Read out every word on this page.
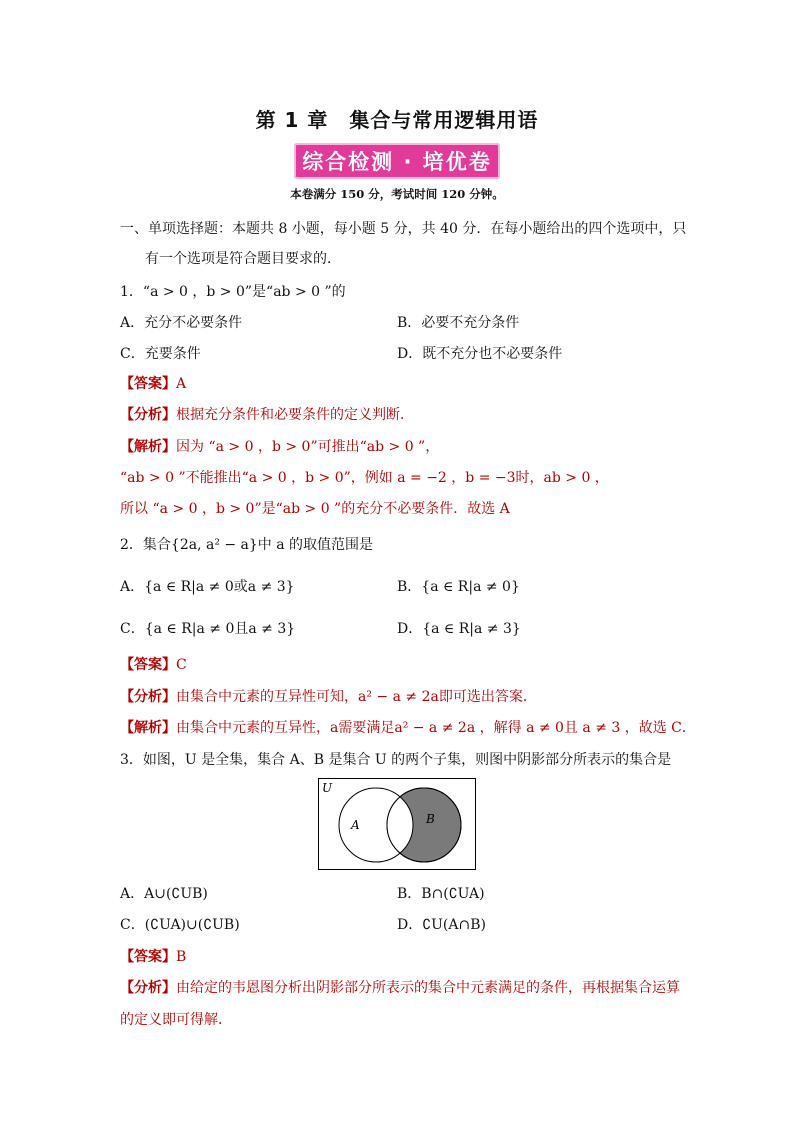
第 1 章　集合与常用逻辑用语
综合检测 · 培优卷
本卷满分 150 分，考试时间 120 分钟。
一、单项选择题：本题共 8 小题，每小题 5 分，共 40 分．在每小题给出的四个选项中，只
有一个选项是符合题目要求的．
1．“a > 0 ，b > 0”是“ab > 0 ”的
A．充分不必要条件	B．必要不充分条件
C．充要条件	D．既不充分也不必要条件
【答案】A
【分析】根据充分条件和必要条件的定义判断．
【解析】因为 “a > 0 ，b > 0”可推出“ab > 0 ”，
“ab > 0 ”不能推出“a > 0 ，b > 0”，例如 a = −2 ，b = −3时，ab > 0 ，
所以 “a > 0 ，b > 0”是“ab > 0 ”的充分不必要条件．故选 A
2．集合{2a, a² − a}中 a 的取值范围是
A．{a ∈ R|a ≠ 0或a ≠ 3}	B．{a ∈ R|a ≠ 0}
C．{a ∈ R|a ≠ 0且a ≠ 3}	D．{a ∈ R|a ≠ 3}
【答案】C
【分析】由集合中元素的互异性可知，a² − a ≠ 2a即可选出答案．
【解析】由集合中元素的互异性，a需要满足a² − a ≠ 2a ，解得 a ≠ 0且 a ≠ 3 ，故选 C．
3．如图，U 是全集，集合 A、B 是集合 U 的两个子集，则图中阴影部分所表示的集合是
U
A	B
A．A∪(∁UB)	B．B∩(∁UA)
C．(∁UA)∪(∁UB)	D．∁U(A∩B)
【答案】B
【分析】由给定的韦恩图分析出阴影部分所表示的集合中元素满足的条件，再根据集合运算
的定义即可得解．
